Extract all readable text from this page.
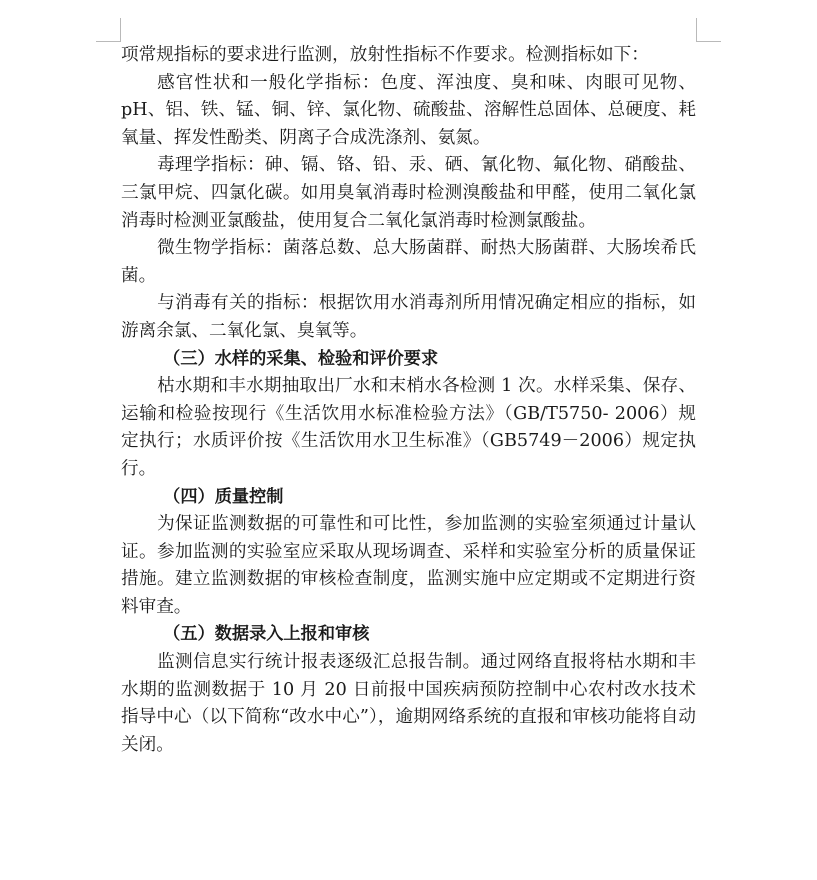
项常规指标的要求进行监测，放射性指标不作要求。检测指标如下：

感官性状和一般化学指标：色度、浑浊度、臭和味、肉眼可见物、pH、铝、铁、锰、铜、锌、氯化物、硫酸盐、溶解性总固体、总硬度、耗氧量、挥发性酚类、阴离子合成洗涤剂、氨氮。

毒理学指标：砷、镉、铬、铅、汞、硒、氰化物、氟化物、硝酸盐、三氯甲烷、四氯化碳。如用臭氧消毒时检测溴酸盐和甲醛，使用二氧化氯消毒时检测亚氯酸盐，使用复合二氧化氯消毒时检测氯酸盐。

微生物学指标：菌落总数、总大肠菌群、耐热大肠菌群、大肠埃希氏菌。

与消毒有关的指标：根据饮用水消毒剂所用情况确定相应的指标，如游离余氯、二氧化氯、臭氧等。

（三）水样的采集、检验和评价要求

枯水期和丰水期抽取出厂水和末梢水各检测 1 次。水样采集、保存、运输和检验按现行《生活饮用水标准检验方法》（GB/T5750- 2006）规定执行；水质评价按《生活饮用水卫生标准》（GB5749－2006）规定执行。

（四）质量控制

为保证监测数据的可靠性和可比性，参加监测的实验室须通过计量认证。参加监测的实验室应采取从现场调查、采样和实验室分析的质量保证措施。建立监测数据的审核检查制度，监测实施中应定期或不定期进行资料审查。

（五）数据录入上报和审核

监测信息实行统计报表逐级汇总报告制。通过网络直报将枯水期和丰水期的监测数据于 10 月 20 日前报中国疾病预防控制中心农村改水技术指导中心（以下简称“改水中心”），逾期网络系统的直报和审核功能将自动关闭。
